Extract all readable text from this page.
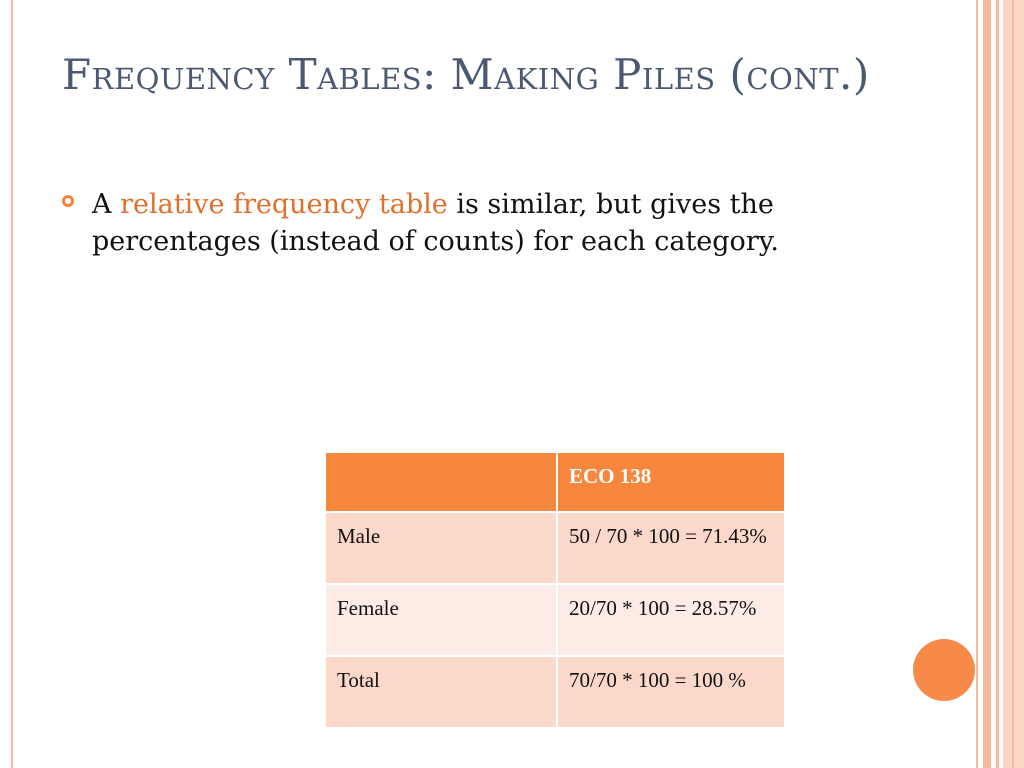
Frequency Tables: Making Piles (cont.)

A relative frequency table is similar, but gives the percentages (instead of counts) for each category.

	ECO 138
Male	50 / 70 * 100 = 71.43%
Female	20/70 * 100 = 28.57%
Total	70/70 * 100 = 100 %
